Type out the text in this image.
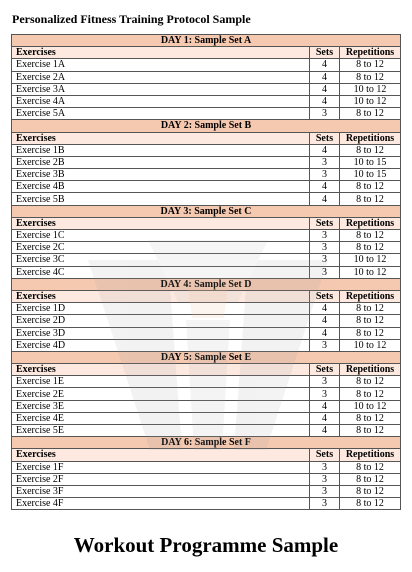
Personalized Fitness Training Protocol Sample
DAY 1: Sample Set A		
Exercises	Sets	Repetitions
Exercise 1A	4	8 to 12
Exercise 2A	4	8 to 12
Exercise 3A	4	10 to 12
Exercise 4A	4	10 to 12
Exercise 5A	3	8 to 12
DAY 2: Sample Set B		
Exercises	Sets	Repetitions
Exercise 1B	4	8 to 12
Exercise 2B	3	10 to 15
Exercise 3B	3	10 to 15
Exercise 4B	4	8 to 12
Exercise 5B	4	8 to 12
DAY 3: Sample Set C		
Exercises	Sets	Repetitions
Exercise 1C	3	8 to 12
Exercise 2C	3	8 to 12
Exercise 3C	3	10 to 12
Exercise 4C	3	10 to 12
DAY 4: Sample Set D		
Exercises	Sets	Repetitions
Exercise 1D	4	8 to 12
Exercise 2D	4	8 to 12
Exercise 3D	4	8 to 12
Exercise 4D	3	10 to 12
DAY 5: Sample Set E		
Exercises	Sets	Repetitions
Exercise 1E	3	8 to 12
Exercise 2E	3	8 to 12
Exercise 3E	4	10 to 12
Exercise 4E	4	8 to 12
Exercise 5E	4	8 to 12
DAY 6: Sample Set F		
Exercises	Sets	Repetitions
Exercise 1F	3	8 to 12
Exercise 2F	3	8 to 12
Exercise 3F	3	8 to 12
Exercise 4F	3	8 to 12
Workout Programme Sample
